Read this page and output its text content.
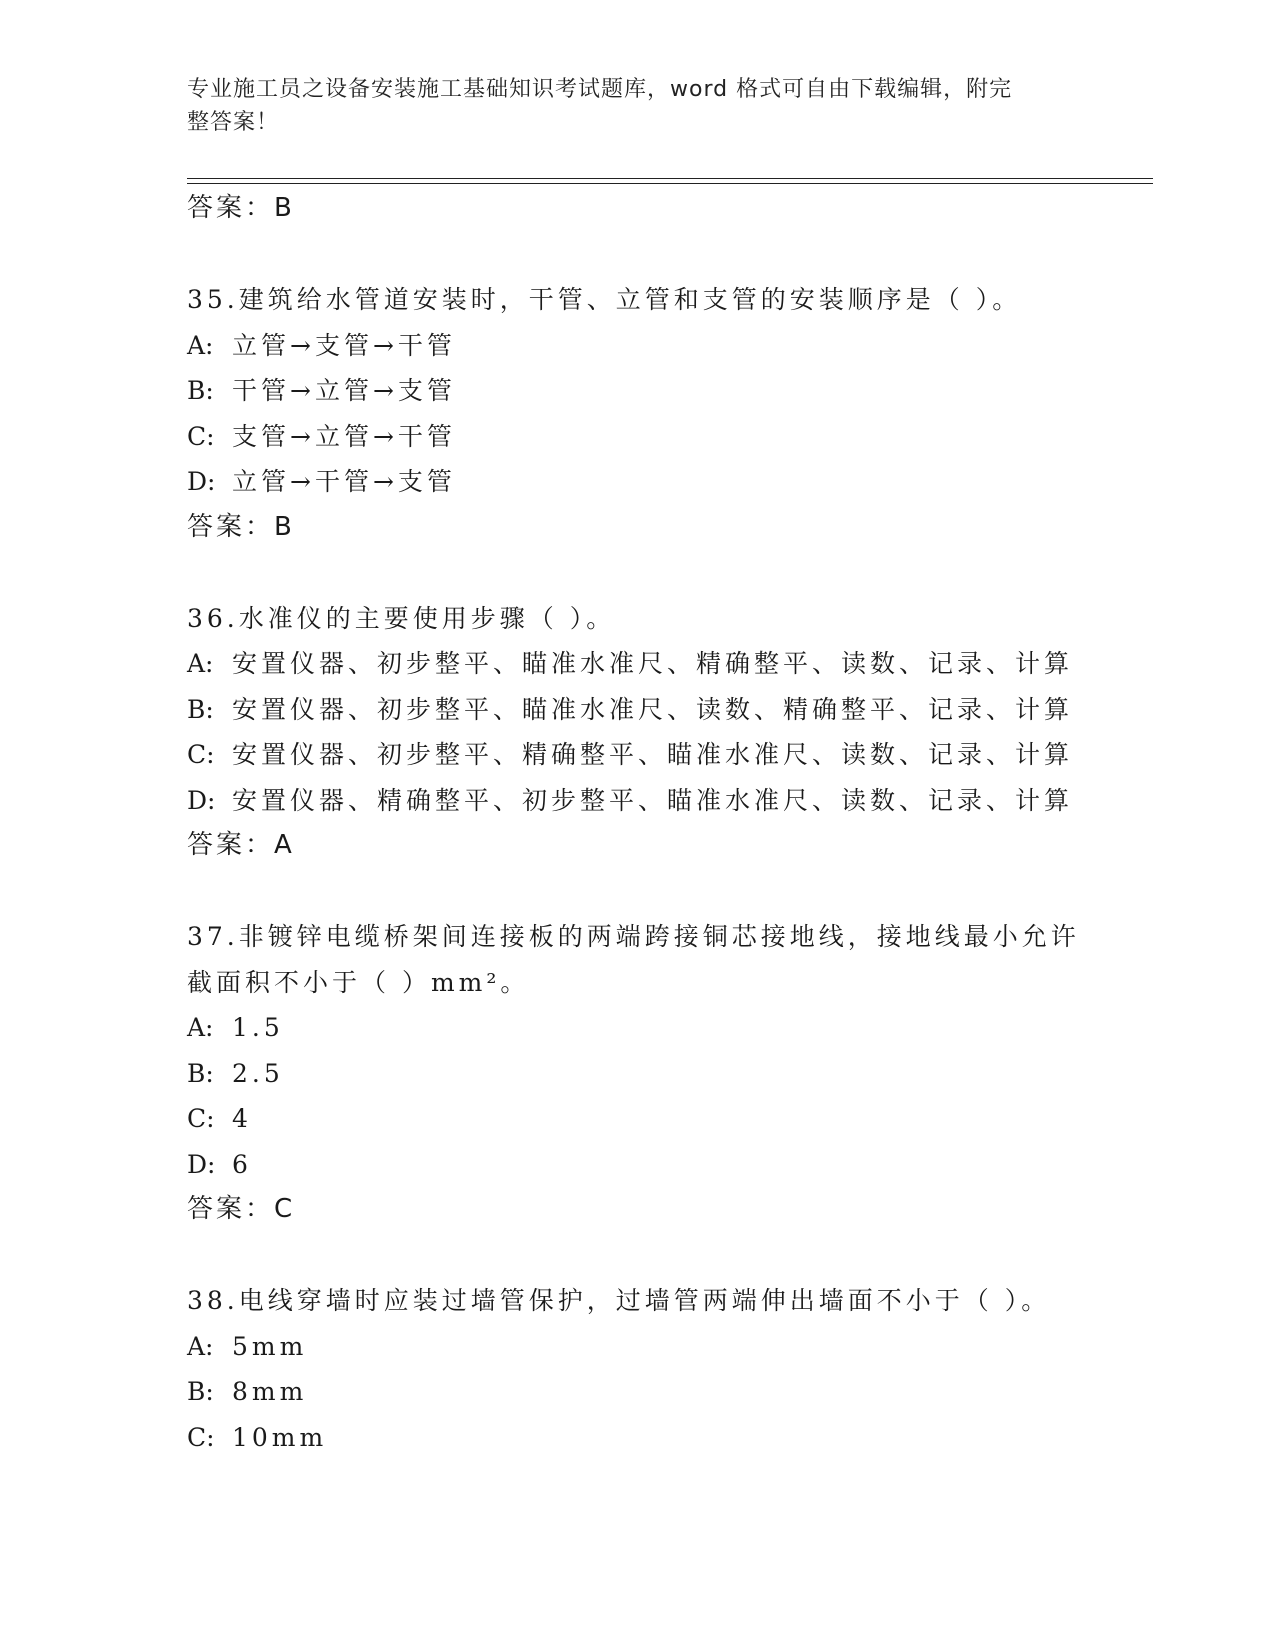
专业施工员之设备安装施工基础知识考试题库，word 格式可自由下载编辑，附完
整答案！
答案：B
35.建筑给水管道安装时，干管、立管和支管的安装顺序是（ ）。
A: 立管→支管→干管
B: 干管→立管→支管
C: 支管→立管→干管
D: 立管→干管→支管
答案：B
36.水准仪的主要使用步骤（ ）。
A: 安置仪器、初步整平、瞄准水准尺、精确整平、读数、记录、计算
B: 安置仪器、初步整平、瞄准水准尺、读数、精确整平、记录、计算
C: 安置仪器、初步整平、精确整平、瞄准水准尺、读数、记录、计算
D: 安置仪器、精确整平、初步整平、瞄准水准尺、读数、记录、计算
答案：A
37.非镀锌电缆桥架间连接板的两端跨接铜芯接地线，接地线最小允许
截面积不小于（ ）mm²。
A: 1.5
B: 2.5
C: 4
D: 6
答案：C
38.电线穿墙时应装过墙管保护，过墙管两端伸出墙面不小于（ ）。
A: 5mm
B: 8mm
C: 10mm
